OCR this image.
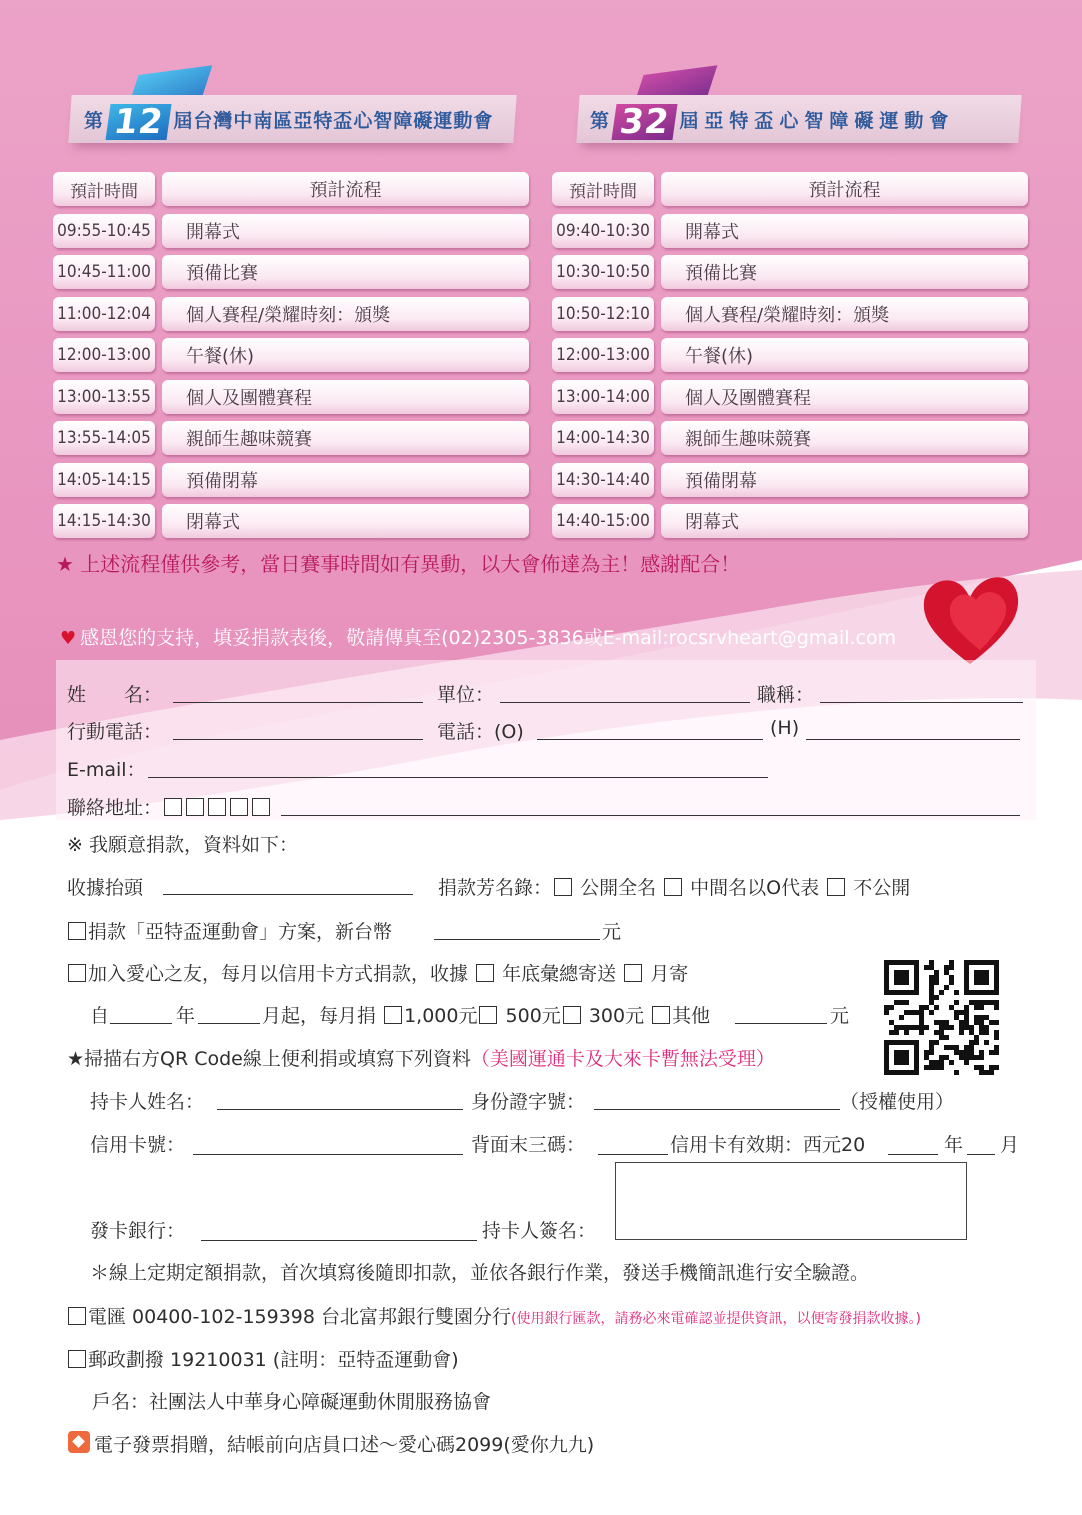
第 12 屆台灣中南區亞特盃心智障礙運動會	第 32 屆亞特盃心智障礙運動會
預計時間	預計流程
09:55-10:45	開幕式
10:45-11:00	預備比賽
11:00-12:04	個人賽程/榮耀時刻：頒獎
12:00-13:00	午餐(休)
13:00-13:55	個人及團體賽程
13:55-14:05	親師生趣味競賽
14:05-14:15	預備閉幕
14:15-14:30	閉幕式
預計時間	預計流程
09:40-10:30	開幕式
10:30-10:50	預備比賽
10:50-12:10	個人賽程/榮耀時刻：頒獎
12:00-13:00	午餐(休)
13:00-14:00	個人及團體賽程
14:00-14:30	親師生趣味競賽
14:30-14:40	預備閉幕
14:40-15:00	閉幕式
★ 上述流程僅供參考，當日賽事時間如有異動，以大會佈達為主！感謝配合！
♥ 感恩您的支持，填妥捐款表後，敬請傳真至(02)2305-3836或E-mail:rocsrvheart@gmail.com
姓　　名：	單位：	職稱：
行動電話：	電話：(O)	(H)
E-mail：
聯絡地址：
※ 我願意捐款，資料如下：
收據抬頭	捐款芳名錄： 公開全名 中間名以O代表 不公開
捐款「亞特盃運動會」方案，新台幣	元
加入愛心之友，每月以信用卡方式捐款，收據 年底彙總寄送 月寄
自	年	月起，每月捐 1,000元 500元 300元 其他	元
★掃描右方QR Code線上便利捐或填寫下列資料（美國運通卡及大來卡暫無法受理）
持卡人姓名：	身份證字號：	（授權使用）
信用卡號：	背面末三碼：	信用卡有效期：西元20	年 月
發卡銀行：	持卡人簽名：
＊線上定期定額捐款，首次填寫後隨即扣款，並依各銀行作業，發送手機簡訊進行安全驗證。
電匯 00400-102-159398 台北富邦銀行雙園分行(使用銀行匯款，請務必來電確認並提供資訊，以便寄發捐款收據。)
郵政劃撥 19210031 (註明：亞特盃運動會)
戶名：社團法人中華身心障礙運動休閒服務協會
電子發票捐贈，結帳前向店員口述～愛心碼2099(愛你九九)
